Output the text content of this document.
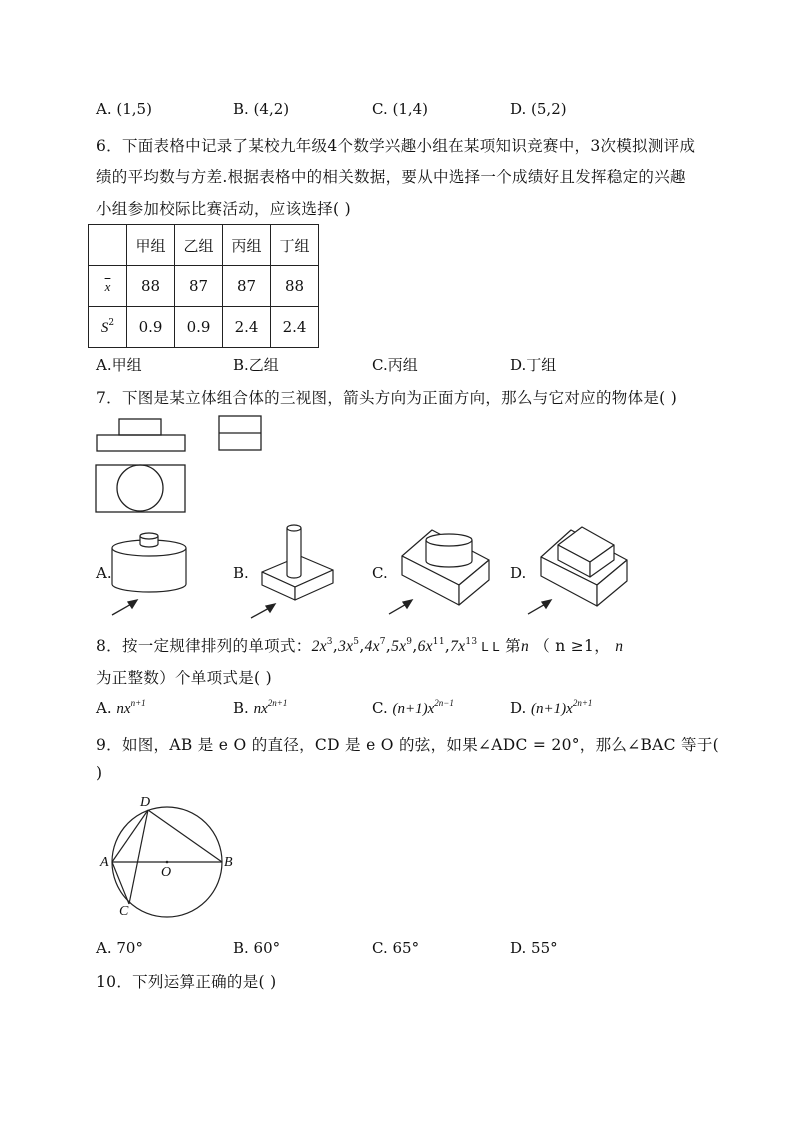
A. (1,5)	B. (4,2)	C. (1,4)	D. (5,2)
6．下面表格中记录了某校九年级4个数学兴趣小组在某项知识竞赛中，3次模拟测评成
绩的平均数与方差.根据表格中的相关数据，要从中选择一个成绩好且发挥稳定的兴趣
小组参加校际比赛活动，应该选择( )
	甲组	乙组	丙组	丁组
$\overline{x}$	88	87	87	88
$S^2$	0.9	0.9	2.4	2.4
A.甲组	B.乙组	C.丙组	D.丁组
7．下图是某立体组合体的三视图，箭头方向为正面方向，那么与它对应的物体是( )
A.	B.	C.	D.
8．按一定规律排列的单项式：$2x^3,3x^5,4x^7,5x^9,6x^{11},7x^{13}$ L L 第n （ n ≥1， n
为正整数）个单项式是( )
A. $nx^{n+1}$	B. $nx^{2n+1}$	C. $(n+1)x^{2n-1}$	D. $(n+1)x^{2n+1}$
9．如图，AB 是 e O 的直径，CD 是 e O 的弦，如果∠ADC = 20°，那么∠BAC 等于(
)
D
A	B
O
C
A. 70°	B. 60°	C. 65°	D. 55°
10．下列运算正确的是( )
